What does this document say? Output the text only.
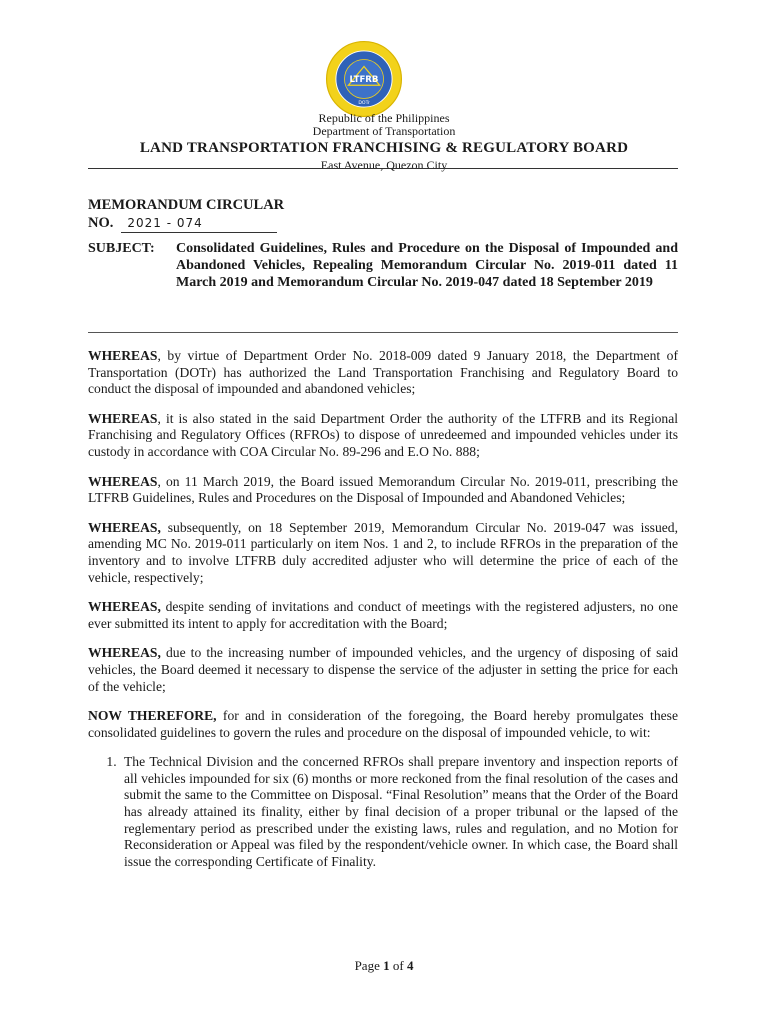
LTFRB
DOTr
Republic of the Philippines
Department of Transportation
LAND TRANSPORTATION FRANCHISING & REGULATORY BOARD
East Avenue, Quezon City
MEMORANDUM CIRCULAR
NO.	2021 - 074
SUBJECT:	Consolidated Guidelines, Rules and Procedure on the Disposal of Impounded and Abandoned Vehicles, Repealing Memorandum Circular No. 2019-011 dated 11 March 2019 and Memorandum Circular No. 2019-047 dated 18 September 2019

WHEREAS, by virtue of Department Order No. 2018-009 dated 9 January 2018, the Department of Transportation (DOTr) has authorized the Land Transportation Franchising and Regulatory Board to conduct the disposal of impounded and abandoned vehicles;

WHEREAS, it is also stated in the said Department Order the authority of the LTFRB and its Regional Franchising and Regulatory Offices (RFROs) to dispose of unredeemed and impounded vehicles under its custody in accordance with COA Circular No. 89-296 and E.O No. 888;

WHEREAS, on 11 March 2019, the Board issued Memorandum Circular No. 2019-011, prescribing the LTFRB Guidelines, Rules and Procedures on the Disposal of Impounded and Abandoned Vehicles;

WHEREAS, subsequently, on 18 September 2019, Memorandum Circular No. 2019-047 was issued, amending MC No. 2019-011 particularly on item Nos. 1 and 2, to include RFROs in the preparation of the inventory and to involve LTFRB duly accredited adjuster who will determine the price of each of the vehicle, respectively;

WHEREAS, despite sending of invitations and conduct of meetings with the registered adjusters, no one ever submitted its intent to apply for accreditation with the Board;

WHEREAS, due to the increasing number of impounded vehicles, and the urgency of disposing of said vehicles, the Board deemed it necessary to dispense the service of the adjuster in setting the price for each of the vehicle;

NOW THEREFORE, for and in consideration of the foregoing, the Board hereby promulgates these consolidated guidelines to govern the rules and procedure on the disposal of impounded vehicle, to wit:

1. The Technical Division and the concerned RFROs shall prepare inventory and inspection reports of all vehicles impounded for six (6) months or more reckoned from the final resolution of the cases and submit the same to the Committee on Disposal. “Final Resolution” means that the Order of the Board has already attained its finality, either by final decision of a proper tribunal or the lapsed of the reglementary period as prescribed under the existing laws, rules and regulation, and no Motion for Reconsideration or Appeal was filed by the respondent/vehicle owner. In which case, the Board shall issue the corresponding Certificate of Finality.
Page 1 of 4
